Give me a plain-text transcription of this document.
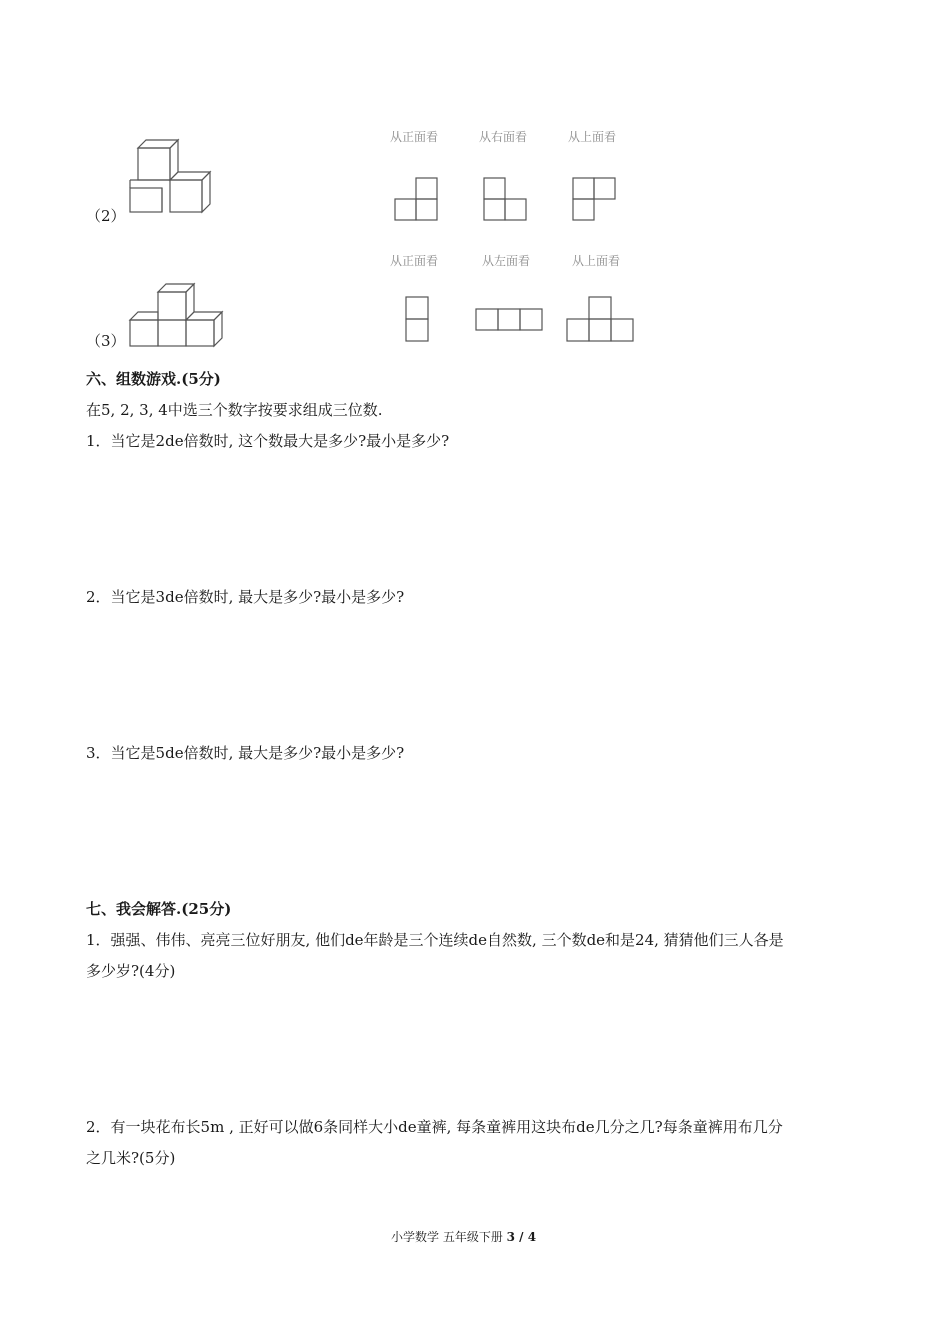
（2）
从正面看	从右面看	从上面看
（3）
从正面看	从左面看	从上面看
六、组数游戏.(5分)
在5, 2, 3, 4中选三个数字按要求组成三位数.
1．当它是2de倍数时, 这个数最大是多少?最小是多少?
2．当它是3de倍数时, 最大是多少?最小是多少?
3．当它是5de倍数时, 最大是多少?最小是多少?
七、我会解答.(25分)
1．强强、伟伟、亮亮三位好朋友, 他们de年龄是三个连续de自然数, 三个数de和是24, 猜猜他们三人各是
多少岁?(4分)
2．有一块花布长5m , 正好可以做6条同样大小de童裤, 每条童裤用这块布de几分之几?每条童裤用布几分
之几米?(5分)
小学数学 五年级下册 3 / 4
